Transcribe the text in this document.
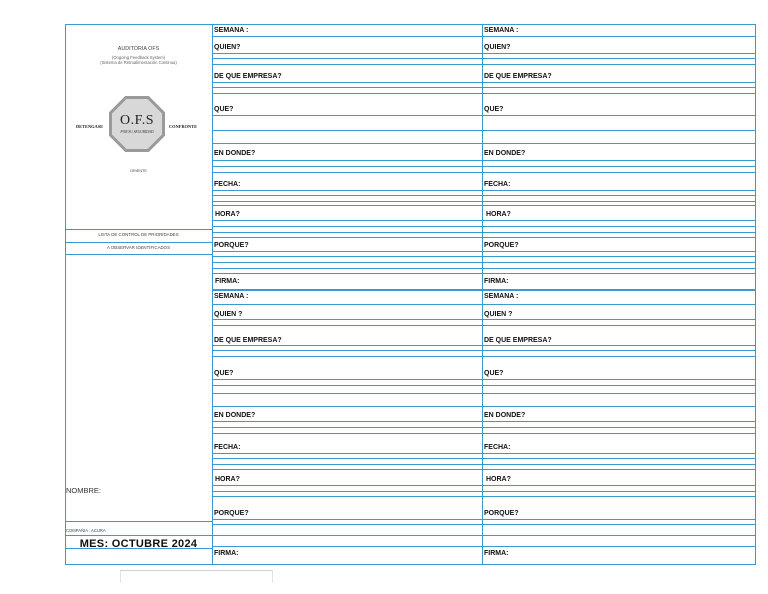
AUDITORIA OFS
(Ongoing Feedback System)
(Sistema de Retroalimentación Continua)
DETENGASE	O.F.S
POR SU SEGURIDAD
CONFRONTE
ORIENTE
LISTA DE CONTROL DE PRIORIDADES
A OBSERVAR IDENTIFICADOS
NOMBRE:
COMPAÑIA : ACURA
MES: OCTUBRE 2024
SEMANA :
QUIEN?
DE QUE EMPRESA?
QUE?
EN DONDE?
FECHA:
HORA?
PORQUE?
FIRMA:
SEMANA :
QUIEN?
DE QUE EMPRESA?
QUE?
EN DONDE?
FECHA:
HORA?
PORQUE?
FIRMA:
SEMANA :
QUIEN ?
DE QUE EMPRESA?
QUE?
EN DONDE?
FECHA:
HORA?
PORQUE?
FIRMA:
SEMANA :
QUIEN ?
DE QUE EMPRESA?
QUE?
EN DONDE?
FECHA:
HORA?
PORQUE?
FIRMA:
